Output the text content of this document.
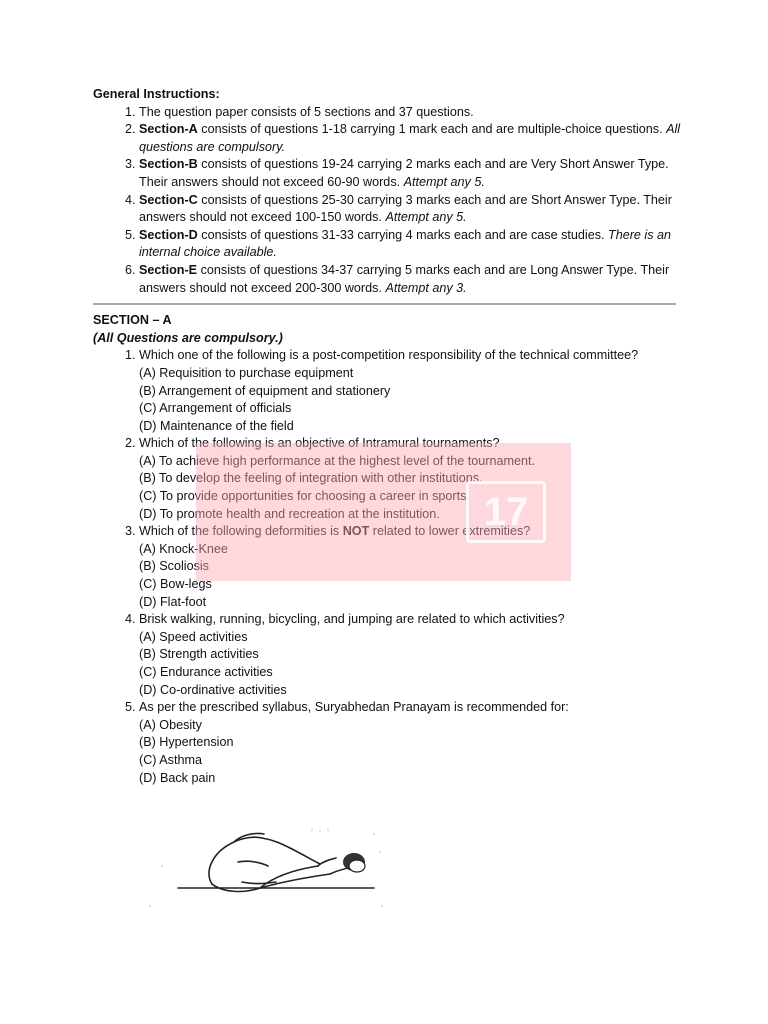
General Instructions:
1. The question paper consists of 5 sections and 37 questions.
2. Section-A consists of questions 1-18 carrying 1 mark each and are multiple-choice questions. All questions are compulsory.
3. Section-B consists of questions 19-24 carrying 2 marks each and are Very Short Answer Type. Their answers should not exceed 60-90 words. Attempt any 5.
4. Section-C consists of questions 25-30 carrying 3 marks each and are Short Answer Type. Their answers should not exceed 100-150 words. Attempt any 5.
5. Section-D consists of questions 31-33 carrying 4 marks each and are case studies. There is an internal choice available.
6. Section-E consists of questions 34-37 carrying 5 marks each and are Long Answer Type. Their answers should not exceed 200-300 words. Attempt any 3.
SECTION – A
(All Questions are compulsory.)
1. Which one of the following is a post-competition responsibility of the technical committee?
(A) Requisition to purchase equipment
(B) Arrangement of equipment and stationery
(C) Arrangement of officials
(D) Maintenance of the field
2. Which of the following is an objective of Intramural tournaments?
(A) To achieve high performance at the highest level of the tournament.
(B) To develop the feeling of integration with other institutions.
(C) To provide opportunities for choosing a career in sports.
(D) To promote health and recreation at the institution.
3. Which of the following deformities is NOT related to lower extremities?
(A) Knock-Knee
(B) Scoliosis
(C) Bow-legs
(D) Flat-foot
4. Brisk walking, running, bicycling, and jumping are related to which activities?
(A) Speed activities
(B) Strength activities
(C) Endurance activities
(D) Co-ordinative activities
5. As per the prescribed syllabus, Suryabhedan Pranayam is recommended for:
(A) Obesity
(B) Hypertension
(C) Asthma
(D) Back pain
17
